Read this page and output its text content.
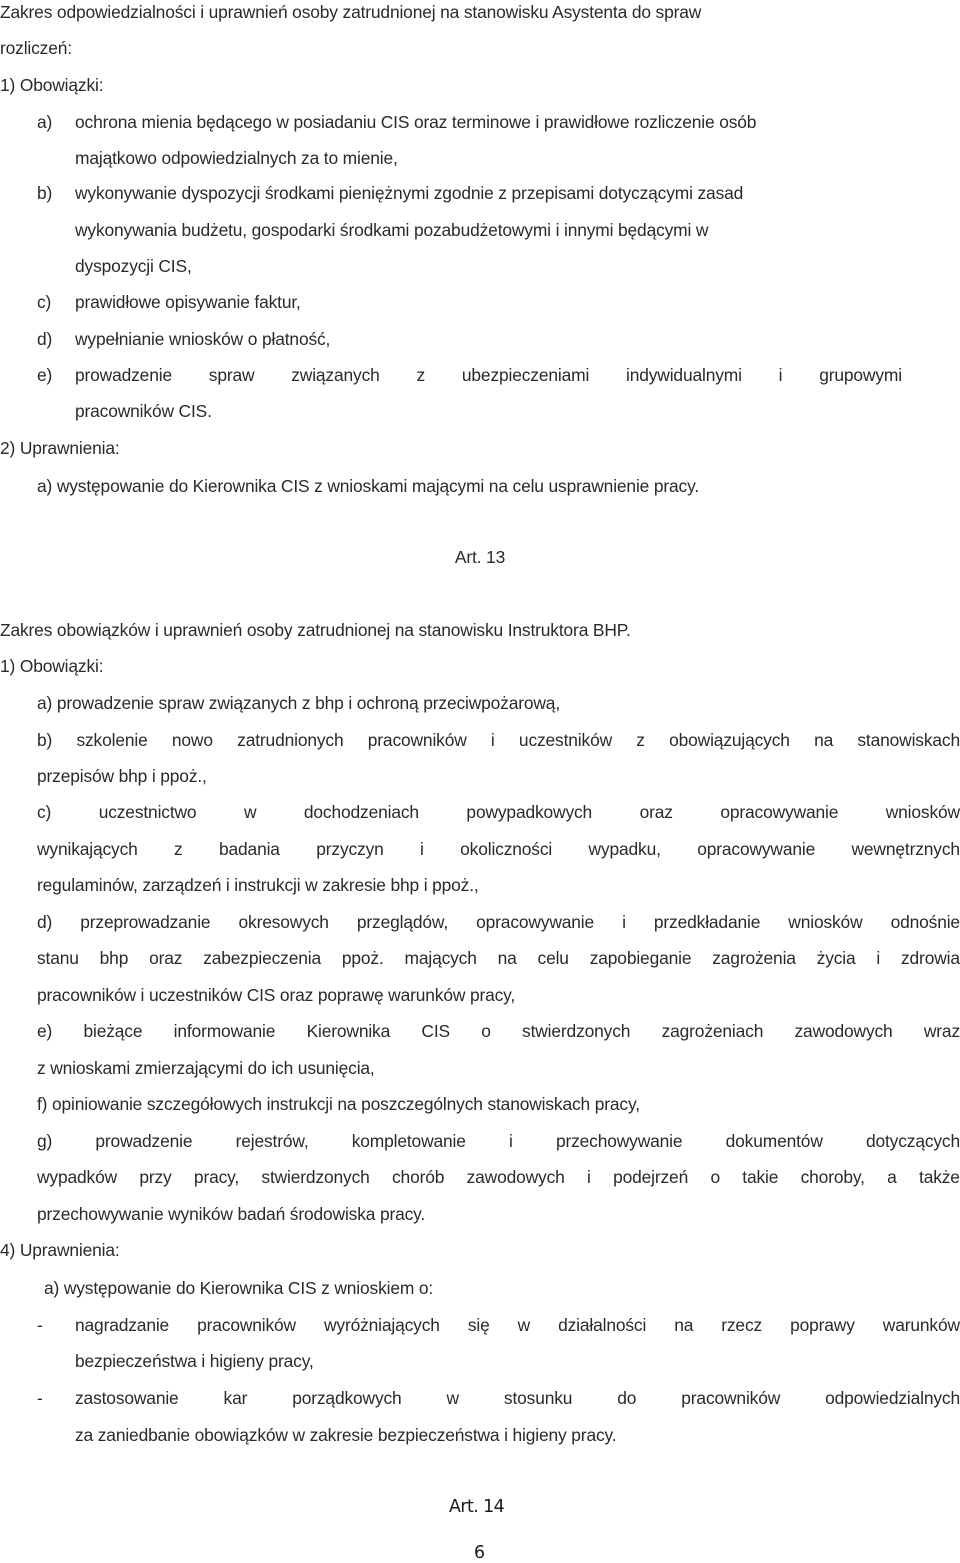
Zakres odpowiedzialności i uprawnień osoby zatrudnionej na stanowisku Asystenta do spraw
rozliczeń:
1) Obowiązki:
a) ochrona mienia będącego w posiadaniu CIS oraz terminowe i prawidłowe rozliczenie osób
majątkowo odpowiedzialnych za to mienie,
b) wykonywanie dyspozycji środkami pieniężnymi zgodnie z przepisami dotyczącymi zasad
wykonywania budżetu, gospodarki środkami pozabudżetowymi i innymi będącymi w
dyspozycji CIS,
c) prawidłowe opisywanie faktur,
d) wypełnianie wniosków o płatność,
e) prowadzenie spraw związanych z ubezpieczeniami indywidualnymi i grupowymi
pracowników CIS.
2) Uprawnienia:
a) występowanie do Kierownika CIS z wnioskami mającymi na celu usprawnienie pracy.
Art. 13
Zakres obowiązków i uprawnień osoby zatrudnionej na stanowisku Instruktora BHP.
1) Obowiązki:
a) prowadzenie spraw związanych z bhp i ochroną przeciwpożarową,
b) szkolenie nowo zatrudnionych pracowników i uczestników z obowiązujących na stanowiskach
przepisów bhp i ppoż.,
c)	uczestnictwo	w	dochodzeniach	powypadkowych	oraz	opracowywanie	wniosków
wynikających z badania przyczyn i okoliczności wypadku, opracowywanie wewnętrznych
regulaminów, zarządzeń i instrukcji w zakresie bhp i ppoż.,
d) przeprowadzanie okresowych przeglądów, opracowywanie i przedkładanie wniosków odnośnie
stanu bhp oraz zabezpieczenia ppoż. mających na celu zapobieganie zagrożenia życia i zdrowia
pracowników i uczestników CIS oraz poprawę warunków pracy,
e) bieżące informowanie Kierownika CIS o stwierdzonych zagrożeniach zawodowych wraz
z wnioskami zmierzającymi do ich usunięcia,
f) opiniowanie szczegółowych instrukcji na poszczególnych stanowiskach pracy,
g) prowadzenie rejestrów, kompletowanie i przechowywanie dokumentów dotyczących
wypadków przy pracy, stwierdzonych chorób zawodowych i podejrzeń o takie choroby, a także
przechowywanie wyników badań środowiska pracy.
4) Uprawnienia:
a) występowanie do Kierownika CIS z wnioskiem o:
- nagradzanie pracowników wyróżniających się w działalności na rzecz poprawy warunków
bezpieczeństwa i higieny pracy,
- zastosowanie	kar	porządkowych	w	stosunku	do	pracowników	odpowiedzialnych
za zaniedbanie obowiązków w zakresie bezpieczeństwa i higieny pracy.
Art. 14
6
